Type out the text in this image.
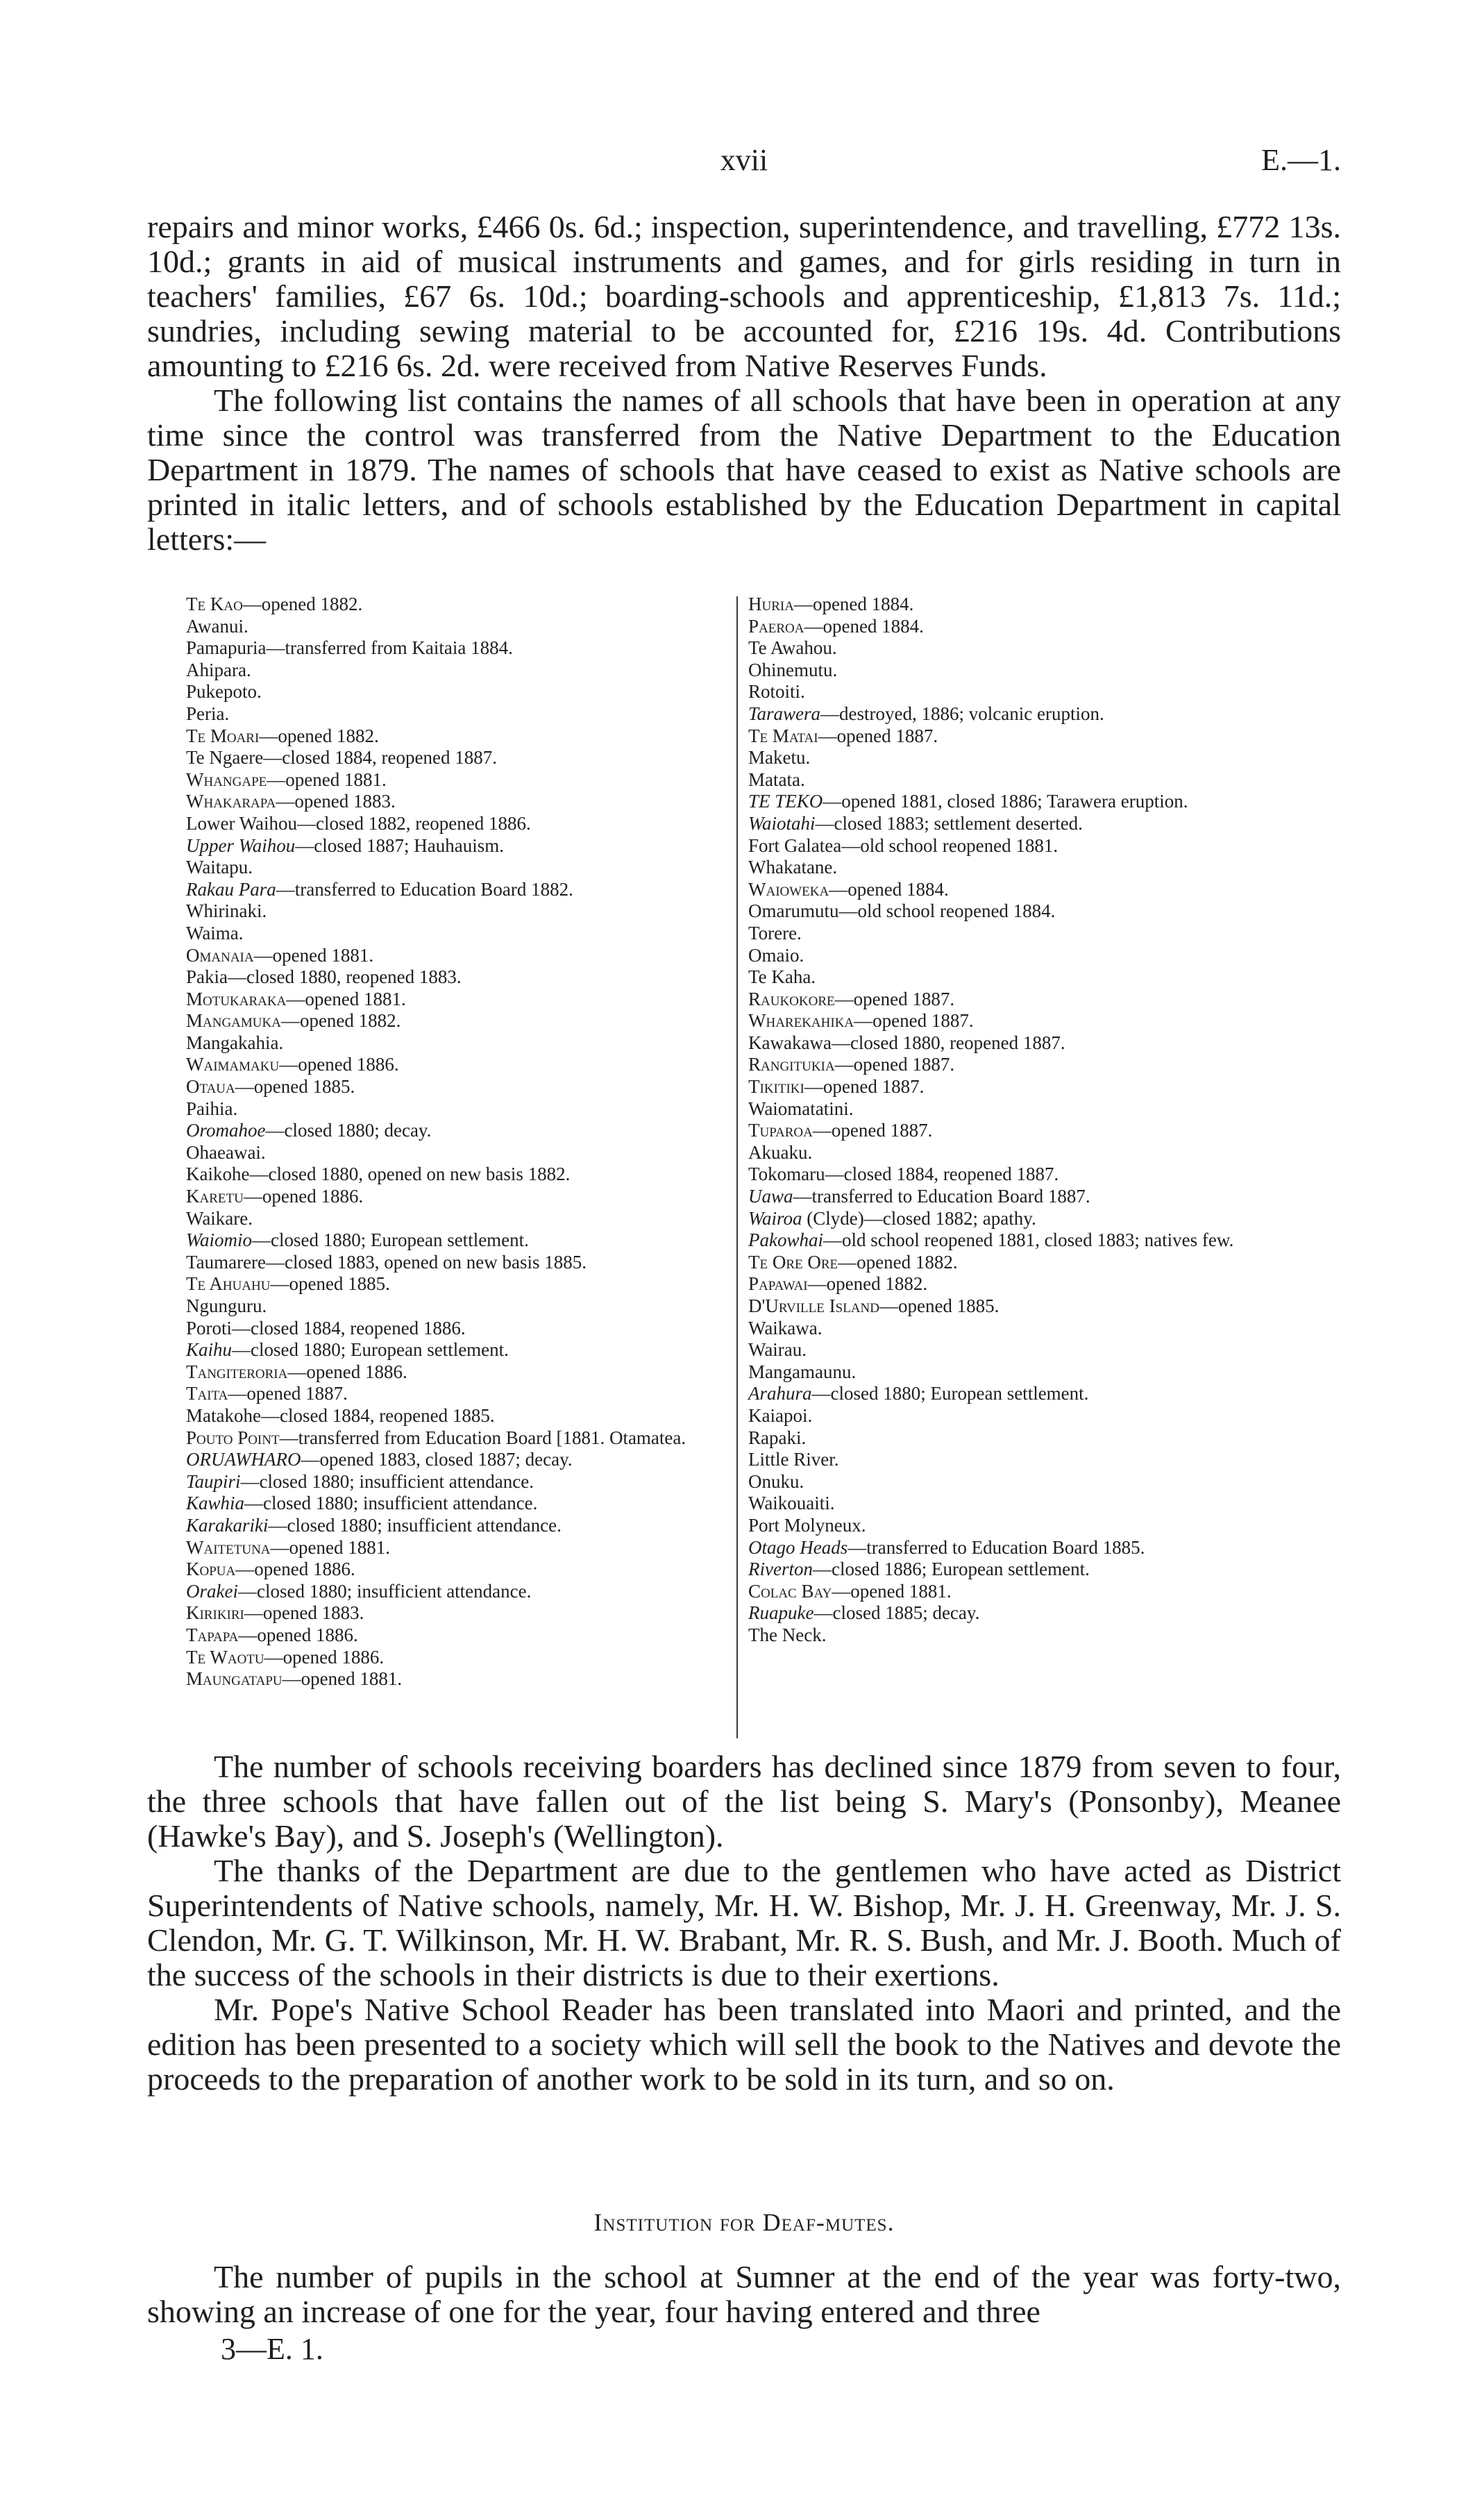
xvii	E.—1.

repairs and minor works, £466 0s. 6d.; inspection, superintendence, and travelling, £772 13s. 10d.; grants in aid of musical instruments and games, and for girls residing in turn in teachers' families, £67 6s. 10d.; boarding-schools and apprenticeship, £1,813 7s. 11d.; sundries, including sewing material to be accounted for, £216 19s. 4d. Contributions amounting to £216 6s. 2d. were received from Native Reserves Funds.

The following list contains the names of all schools that have been in operation at any time since the control was transferred from the Native Department to the Education Department in 1879. The names of schools that have ceased to exist as Native schools are printed in italic letters, and of schools established by the Education Department in capital letters:—

Te Kao—opened 1882.
Awanui.
Pamapuria—transferred from Kaitaia 1884.
Ahipara.
Pukepoto.
Peria.
Te Moari—opened 1882.
Te Ngaere—closed 1884, reopened 1887.
Whangape—opened 1881.
Whakarapa—opened 1883.
Lower Waihou—closed 1882, reopened 1886.
Upper Waihou—closed 1887; Hauhauism.
Waitapu.
Rakau Para—transferred to Education Board 1882.
Whirinaki.
Waima.
Omanaia—opened 1881.
Pakia—closed 1880, reopened 1883.
Motukaraka—opened 1881.
Mangamuka—opened 1882.
Mangakahia.
Waimamaku—opened 1886.
Otaua—opened 1885.
Paihia.
Oromahoe—closed 1880; decay.
Ohaeawai.
Kaikohe—closed 1880, opened on new basis 1882.
Karetu—opened 1886.
Waikare.
Waiomio—closed 1880; European settlement.
Taumarere—closed 1883, opened on new basis 1885.
Te Ahuahu—opened 1885.
Ngunguru.
Poroti—closed 1884, reopened 1886.
Kaihu—closed 1880; European settlement.
Tangiteroria—opened 1886.
Taita—opened 1887.
Matakohe—closed 1884, reopened 1885.
Pouto Point—transferred from Education Board [1881. Otamatea.
ORUAWHARO—opened 1883, closed 1887; decay.
Taupiri—closed 1880; insufficient attendance.
Kawhia—closed 1880; insufficient attendance.
Karakariki—closed 1880; insufficient attendance.
Waitetuna—opened 1881.
Kopua—opened 1886.
Orakei—closed 1880; insufficient attendance.
Kirikiri—opened 1883.
Tapapa—opened 1886.
Te Waotu—opened 1886.
Maungatapu—opened 1881.
Huria—opened 1884.
Paeroa—opened 1884.
Te Awahou.
Ohinemutu.
Rotoiti.
Tarawera—destroyed, 1886; volcanic eruption.
Te Matai—opened 1887.
Maketu.
Matata.
TE TEKO—opened 1881, closed 1886; Tarawera eruption.
Waiotahi—closed 1883; settlement deserted.
Fort Galatea—old school reopened 1881.
Whakatane.
Waioweka—opened 1884.
Omarumutu—old school reopened 1884.
Torere.
Omaio.
Te Kaha.
Raukokore—opened 1887.
Wharekahika—opened 1887.
Kawakawa—closed 1880, reopened 1887.
Rangitukia—opened 1887.
Tikitiki—opened 1887.
Waiomatatini.
Tuparoa—opened 1887.
Akuaku.
Tokomaru—closed 1884, reopened 1887.
Uawa—transferred to Education Board 1887.
Wairoa (Clyde)—closed 1882; apathy.
Pakowhai—old school reopened 1881, closed 1883; natives few.
Te Ore Ore—opened 1882.
Papawai—opened 1882.
D'Urville Island—opened 1885.
Waikawa.
Wairau.
Mangamaunu.
Arahura—closed 1880; European settlement.
Kaiapoi.
Rapaki.
Little River.
Onuku.
Waikouaiti.
Port Molyneux.
Otago Heads—transferred to Education Board 1885.
Riverton—closed 1886; European settlement.
Colac Bay—opened 1881.
Ruapuke—closed 1885; decay.
The Neck.

The number of schools receiving boarders has declined since 1879 from seven to four, the three schools that have fallen out of the list being S. Mary's (Ponsonby), Meanee (Hawke's Bay), and S. Joseph's (Wellington).

The thanks of the Department are due to the gentlemen who have acted as District Superintendents of Native schools, namely, Mr. H. W. Bishop, Mr. J. H. Greenway, Mr. J. S. Clendon, Mr. G. T. Wilkinson, Mr. H. W. Brabant, Mr. R. S. Bush, and Mr. J. Booth. Much of the success of the schools in their districts is due to their exertions.

Mr. Pope's Native School Reader has been translated into Maori and printed, and the edition has been presented to a society which will sell the book to the Natives and devote the proceeds to the preparation of another work to be sold in its turn, and so on.

Institution for Deaf-mutes.

The number of pupils in the school at Sumner at the end of the year was forty-two, showing an increase of one for the year, four having entered and three

3—E. 1.
